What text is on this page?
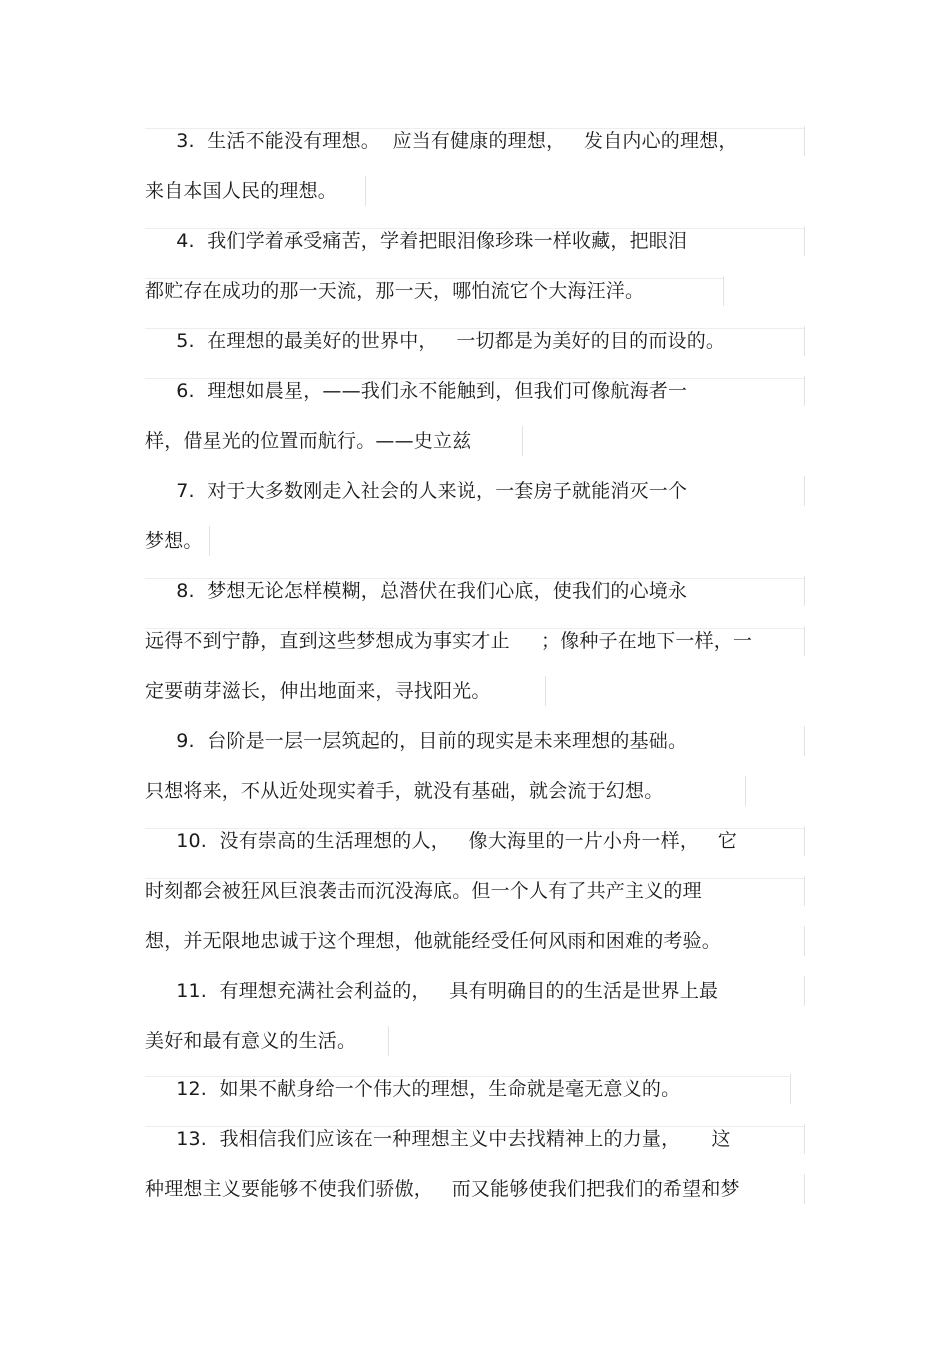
3.  生活不能没有理想。  应当有健康的理想，   发自内心的理想，
来自本国人民的理想。
4.  我们学着承受痛苦，学着把眼泪像珍珠一样收藏，把眼泪
都贮存在成功的那一天流，那一天，哪怕流它个大海汪洋。
5.  在理想的最美好的世界中，   一切都是为美好的目的而设的。
6.  理想如晨星，——我们永不能触到，但我们可像航海者一
样，借星光的位置而航行。——史立兹
7.  对于大多数刚走入社会的人来说，一套房子就能消灭一个
梦想。
8.  梦想无论怎样模糊，总潜伏在我们心底，使我们的心境永
远得不到宁静，直到这些梦想成为事实才止     ；像种子在地下一样，一
定要萌芽滋长，伸出地面来，寻找阳光。
9.  台阶是一层一层筑起的，目前的现实是未来理想的基础。
只想将来，不从近处现实着手，就没有基础，就会流于幻想。
10.  没有崇高的生活理想的人，   像大海里的一片小舟一样，   它
时刻都会被狂风巨浪袭击而沉没海底。但一个人有了共产主义的理
想，并无限地忠诚于这个理想，他就能经受任何风雨和困难的考验。
11.  有理想充满社会利益的，   具有明确目的的生活是世界上最
美好和最有意义的生活。
12.  如果不献身给一个伟大的理想，生命就是毫无意义的。
13.  我相信我们应该在一种理想主义中去找精神上的力量，     这
种理想主义要能够不使我们骄傲，   而又能够使我们把我们的希望和梦
